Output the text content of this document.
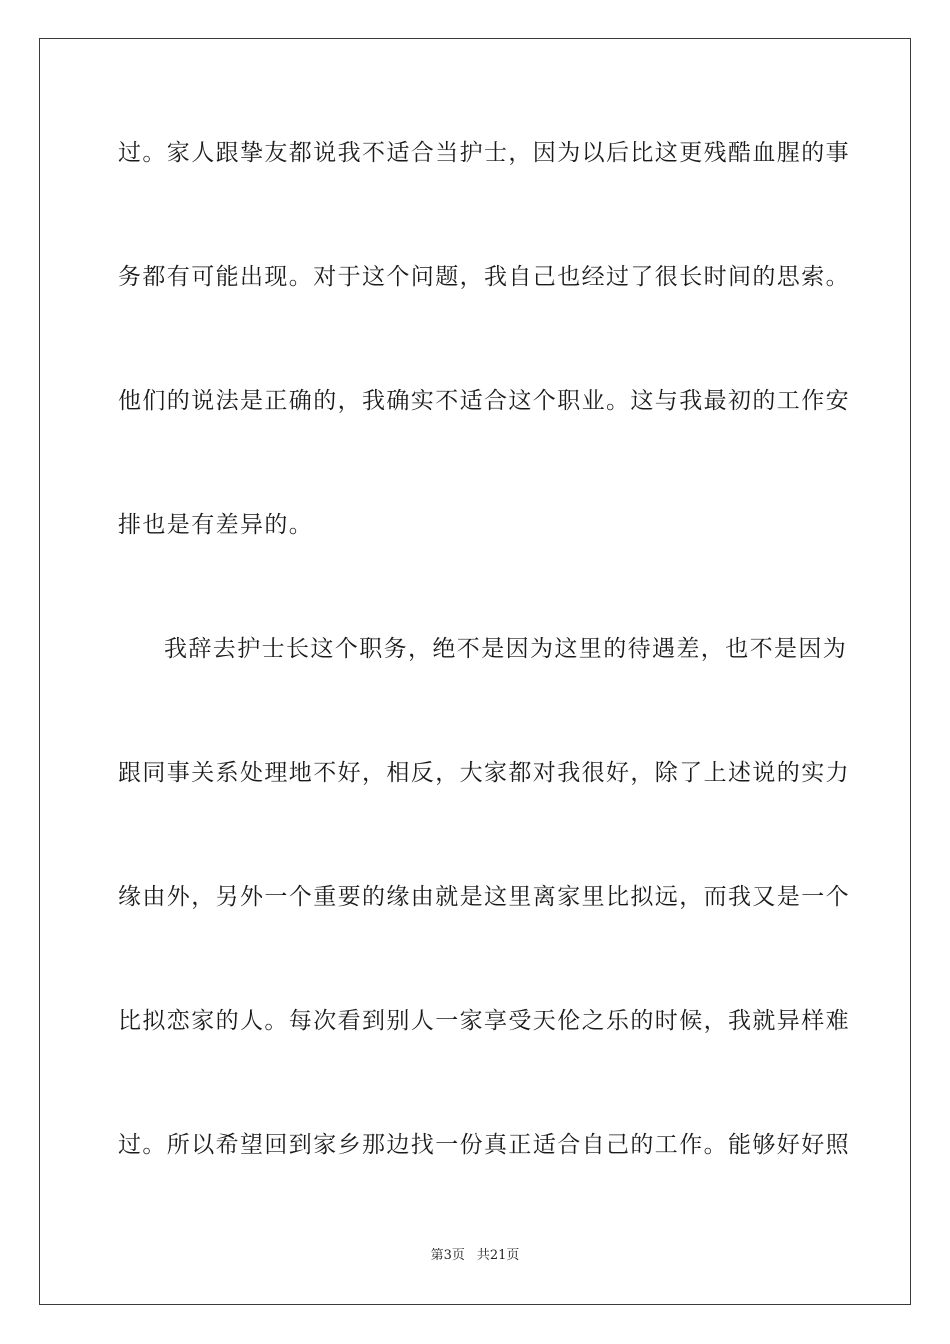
过。家人跟挚友都说我不适合当护士，因为以后比这更残酷血腥的事
务都有可能出现。对于这个问题，我自己也经过了很长时间的思索。
他们的说法是正确的，我确实不适合这个职业。这与我最初的工作安
排也是有差异的。
我辞去护士长这个职务，绝不是因为这里的待遇差，也不是因为
跟同事关系处理地不好，相反，大家都对我很好，除了上述说的实力
缘由外，另外一个重要的缘由就是这里离家里比拟远，而我又是一个
比拟恋家的人。每次看到别人一家享受天伦之乐的时候，我就异样难
过。所以希望回到家乡那边找一份真正适合自己的工作。能够好好照
第3页 共21页
